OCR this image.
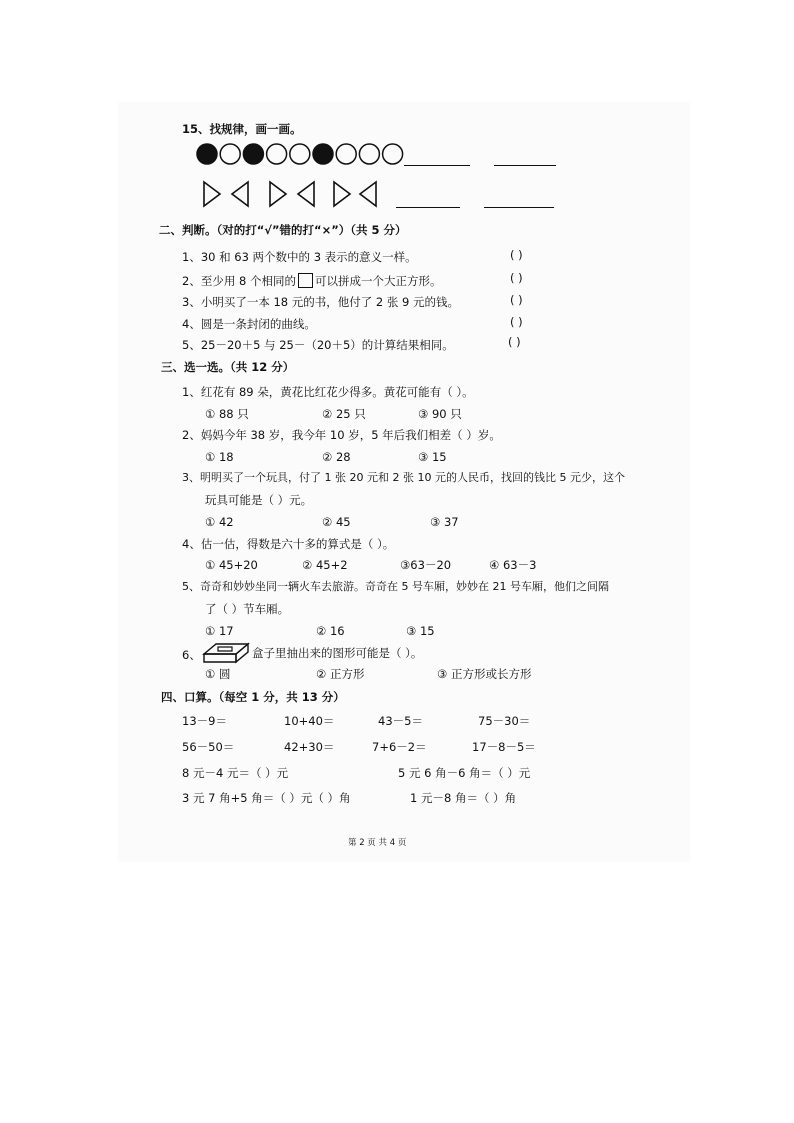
15、找规律，画一画。
二、判断。（对的打“√”错的打“×”）（共 5 分）
1、30 和 63 两个数中的 3 表示的意义一样。	( )
2、至少用 8 个相同的 可以拼成一个大正方形。	( )
3、小明买了一本 18 元的书，他付了 2 张 9 元的钱。	( )
4、圆是一条封闭的曲线。	( )
5、25－20＋5 与 25－（20＋5）的计算结果相同。	( )
三、选一选。（共 12 分）
1、红花有 89 朵，黄花比红花少得多。黄花可能有（ ）。
① 88 只	② 25 只	③ 90 只
2、妈妈今年 38 岁，我今年 10 岁，5 年后我们相差（ ）岁。
① 18	② 28	③ 15
3、明明买了一个玩具，付了 1 张 20 元和 2 张 10 元的人民币，找回的钱比 5 元少，这个
玩具可能是（ ）元。
① 42	② 45	③ 37
4、估一估，得数是六十多的算式是（ ）。
① 45+20	② 45+2	③63－20	④ 63－3
5、奇奇和妙妙坐同一辆火车去旅游。奇奇在 5 号车厢，妙妙在 21 号车厢，他们之间隔
了（ ）节车厢。
① 17	② 16	③ 15
6、	盒子里抽出来的图形可能是（ ）。
① 圆	② 正方形	③ 正方形或长方形
四、口算。（每空 1 分，共 13 分）
13－9＝	10+40＝	43－5＝	75－30＝
56－50＝	42+30＝	7+6－2＝	17－8－5＝
8 元－4 元＝（ ）元	5 元 6 角－6 角＝（ ）元
3 元 7 角+5 角＝（ ）元（ ）角	1 元－8 角＝（ ）角
第 2 页 共 4 页
